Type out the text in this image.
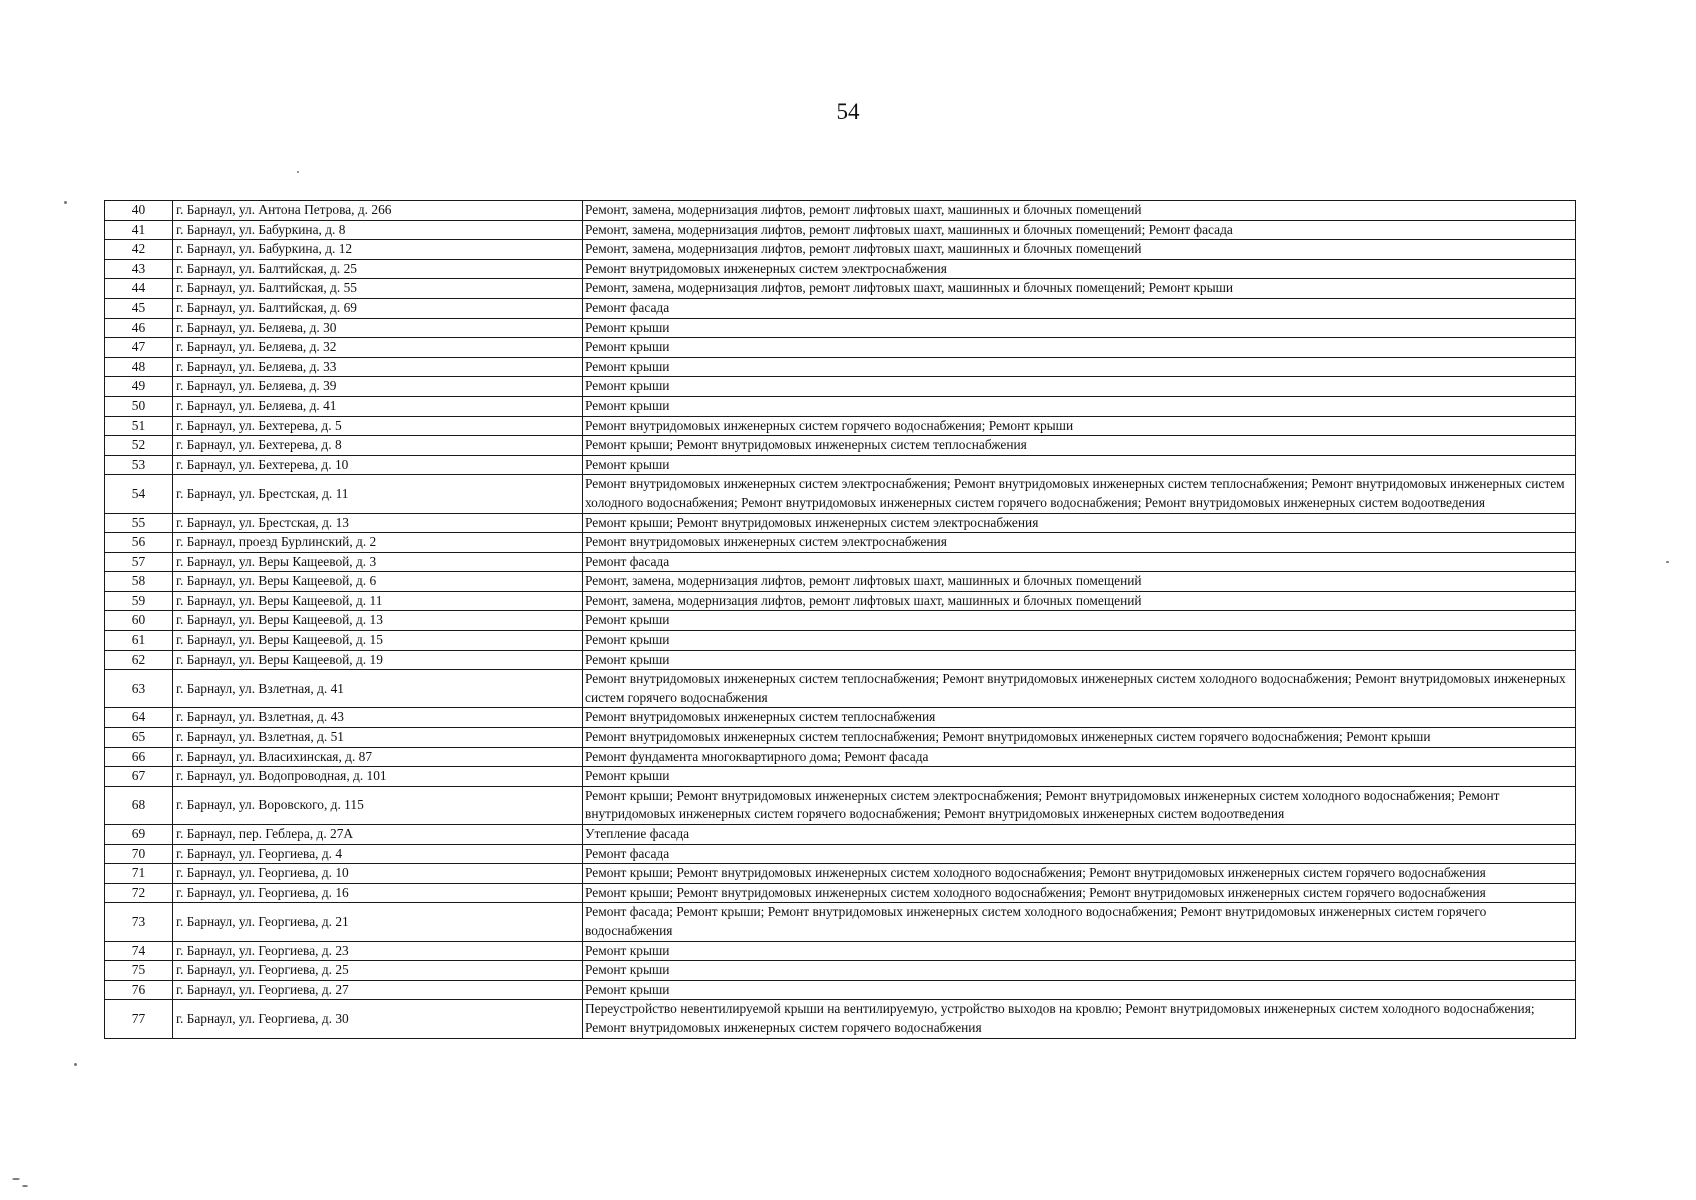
54
40	г. Барнаул, ул. Антона Петрова, д. 266	Ремонт, замена, модернизация лифтов, ремонт лифтовых шахт, машинных и блочных помещений
41	г. Барнаул, ул. Бабуркина, д. 8	Ремонт, замена, модернизация лифтов, ремонт лифтовых шахт, машинных и блочных помещений; Ремонт фасада
42	г. Барнаул, ул. Бабуркина, д. 12	Ремонт, замена, модернизация лифтов, ремонт лифтовых шахт, машинных и блочных помещений
43	г. Барнаул, ул. Балтийская, д. 25	Ремонт внутридомовых инженерных систем электроснабжения
44	г. Барнаул, ул. Балтийская, д. 55	Ремонт, замена, модернизация лифтов, ремонт лифтовых шахт, машинных и блочных помещений; Ремонт крыши
45	г. Барнаул, ул. Балтийская, д. 69	Ремонт фасада
46	г. Барнаул, ул. Беляева, д. 30	Ремонт крыши
47	г. Барнаул, ул. Беляева, д. 32	Ремонт крыши
48	г. Барнаул, ул. Беляева, д. 33	Ремонт крыши
49	г. Барнаул, ул. Беляева, д. 39	Ремонт крыши
50	г. Барнаул, ул. Беляева, д. 41	Ремонт крыши
51	г. Барнаул, ул. Бехтерева, д. 5	Ремонт внутридомовых инженерных систем горячего водоснабжения; Ремонт крыши
52	г. Барнаул, ул. Бехтерева, д. 8	Ремонт крыши; Ремонт внутридомовых инженерных систем теплоснабжения
53	г. Барнаул, ул. Бехтерева, д. 10	Ремонт крыши
54	г. Барнаул, ул. Брестская, д. 11	Ремонт внутридомовых инженерных систем электроснабжения; Ремонт внутридомовых инженерных систем теплоснабжения; Ремонт внутридомовых инженерных систем холодного водоснабжения; Ремонт внутридомовых инженерных систем горячего водоснабжения; Ремонт внутридомовых инженерных систем водоотведения
55	г. Барнаул, ул. Брестская, д. 13	Ремонт крыши; Ремонт внутридомовых инженерных систем электроснабжения
56	г. Барнаул, проезд Бурлинский, д. 2	Ремонт внутридомовых инженерных систем электроснабжения
57	г. Барнаул, ул. Веры Кащеевой, д. 3	Ремонт фасада
58	г. Барнаул, ул. Веры Кащеевой, д. 6	Ремонт, замена, модернизация лифтов, ремонт лифтовых шахт, машинных и блочных помещений
59	г. Барнаул, ул. Веры Кащеевой, д. 11	Ремонт, замена, модернизация лифтов, ремонт лифтовых шахт, машинных и блочных помещений
60	г. Барнаул, ул. Веры Кащеевой, д. 13	Ремонт крыши
61	г. Барнаул, ул. Веры Кащеевой, д. 15	Ремонт крыши
62	г. Барнаул, ул. Веры Кащеевой, д. 19	Ремонт крыши
63	г. Барнаул, ул. Взлетная, д. 41	Ремонт внутридомовых инженерных систем теплоснабжения; Ремонт внутридомовых инженерных систем холодного водоснабжения; Ремонт внутридомовых инженерных систем горячего водоснабжения
64	г. Барнаул, ул. Взлетная, д. 43	Ремонт внутридомовых инженерных систем теплоснабжения
65	г. Барнаул, ул. Взлетная, д. 51	Ремонт внутридомовых инженерных систем теплоснабжения; Ремонт внутридомовых инженерных систем горячего водоснабжения; Ремонт крыши
66	г. Барнаул, ул. Власихинская, д. 87	Ремонт фундамента многоквартирного дома; Ремонт фасада
67	г. Барнаул, ул. Водопроводная, д. 101	Ремонт крыши
68	г. Барнаул, ул. Воровского, д. 115	Ремонт крыши; Ремонт внутридомовых инженерных систем электроснабжения; Ремонт внутридомовых инженерных систем холодного водоснабжения; Ремонт внутридомовых инженерных систем горячего водоснабжения; Ремонт внутридомовых инженерных систем водоотведения
69	г. Барнаул, пер. Геблера, д. 27А	Утепление фасада
70	г. Барнаул, ул. Георгиева, д. 4	Ремонт фасада
71	г. Барнаул, ул. Георгиева, д. 10	Ремонт крыши; Ремонт внутридомовых инженерных систем холодного водоснабжения; Ремонт внутридомовых инженерных систем горячего водоснабжения
72	г. Барнаул, ул. Георгиева, д. 16	Ремонт крыши; Ремонт внутридомовых инженерных систем холодного водоснабжения; Ремонт внутридомовых инженерных систем горячего водоснабжения
73	г. Барнаул, ул. Георгиева, д. 21	Ремонт фасада; Ремонт крыши; Ремонт внутридомовых инженерных систем холодного водоснабжения; Ремонт внутридомовых инженерных систем горячего водоснабжения
74	г. Барнаул, ул. Георгиева, д. 23	Ремонт крыши
75	г. Барнаул, ул. Георгиева, д. 25	Ремонт крыши
76	г. Барнаул, ул. Георгиева, д. 27	Ремонт крыши
77	г. Барнаул, ул. Георгиева, д. 30	Переустройство невентилируемой крыши на вентилируемую, устройство выходов на кровлю; Ремонт внутридомовых инженерных систем холодного водоснабжения; Ремонт внутридомовых инженерных систем горячего водоснабжения
